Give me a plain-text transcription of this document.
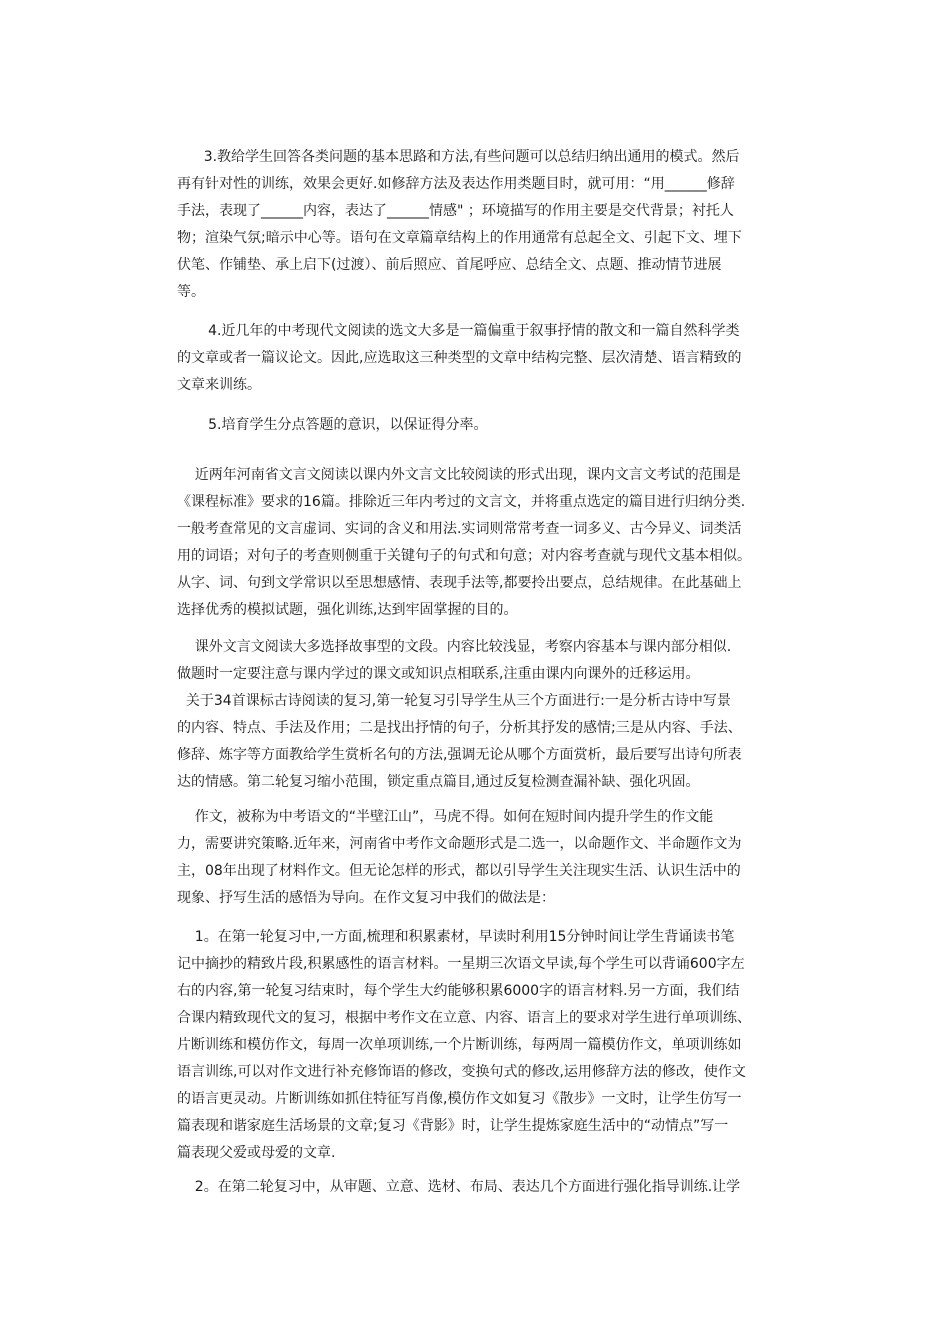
3.教给学生回答各类问题的基本思路和方法,有些问题可以总结归纳出通用的模式。然后
再有针对性的训练，效果会更好.如修辞方法及表达作用类题目时，就可用：“用______修辞
手法，表现了______内容，表达了______情感" ；环境描写的作用主要是交代背景；衬托人
物；渲染气氛;暗示中心等。语句在文章篇章结构上的作用通常有总起全文、引起下文、埋下
伏笔、作铺垫、承上启下(过渡）、前后照应、首尾呼应、总结全文、点题、推动情节进展
等。
4.近几年的中考现代文阅读的选文大多是一篇偏重于叙事抒情的散文和一篇自然科学类
的文章或者一篇议论文。因此,应选取这三种类型的文章中结构完整、层次清楚、语言精致的
文章来训练。
5.培育学生分点答题的意识，以保证得分率。
近两年河南省文言文阅读以课内外文言文比较阅读的形式出现，课内文言文考试的范围是
《课程标准》要求的16篇。排除近三年内考过的文言文，并将重点选定的篇目进行归纳分类.
一般考查常见的文言虚词、实词的含义和用法.实词则常常考查一词多义、古今异义、词类活
用的词语；对句子的考查则侧重于关键句子的句式和句意；对内容考查就与现代文基本相似。
从字、词、句到文学常识以至思想感情、表现手法等,都要拎出要点，总结规律。在此基础上
选择优秀的模拟试题，强化训练,达到牢固掌握的目的。
课外文言文阅读大多选择故事型的文段。内容比较浅显，考察内容基本与课内部分相似.
做题时一定要注意与课内学过的课文或知识点相联系,注重由课内向课外的迁移运用。
关于34首课标古诗阅读的复习,第一轮复习引导学生从三个方面进行:一是分析古诗中写景
的内容、特点、手法及作用；二是找出抒情的句子，分析其抒发的感情;三是从内容、手法、
修辞、炼字等方面教给学生赏析名句的方法,强调无论从哪个方面赏析，最后要写出诗句所表
达的情感。第二轮复习缩小范围，锁定重点篇目,通过反复检测查漏补缺、强化巩固。
作文，被称为中考语文的“半壁江山”，马虎不得。如何在短时间内提升学生的作文能
力，需要讲究策略.近年来，河南省中考作文命题形式是二选一，以命题作文、半命题作文为
主，08年出现了材料作文。但无论怎样的形式，都以引导学生关注现实生活、认识生活中的
现象、抒写生活的感悟为导向。在作文复习中我们的做法是：
1。在第一轮复习中,一方面,梳理和积累素材，早读时利用15分钟时间让学生背诵读书笔
记中摘抄的精致片段,积累感性的语言材料。一星期三次语文早读,每个学生可以背诵600字左
右的内容,第一轮复习结束时，每个学生大约能够积累6000字的语言材料.另一方面，我们结
合课内精致现代文的复习，根据中考作文在立意、内容、语言上的要求对学生进行单项训练、
片断训练和模仿作文，每周一次单项训练,一个片断训练，每两周一篇模仿作文，单项训练如
语言训练,可以对作文进行补充修饰语的修改，变换句式的修改,运用修辞方法的修改，使作文
的语言更灵动。片断训练如抓住特征写肖像,模仿作文如复习《散步》一文时，让学生仿写一
篇表现和谐家庭生活场景的文章;复习《背影》时，让学生提炼家庭生活中的“动情点”写一
篇表现父爱或母爱的文章.
2。在第二轮复习中，从审题、立意、选材、布局、表达几个方面进行强化指导训练.让学
